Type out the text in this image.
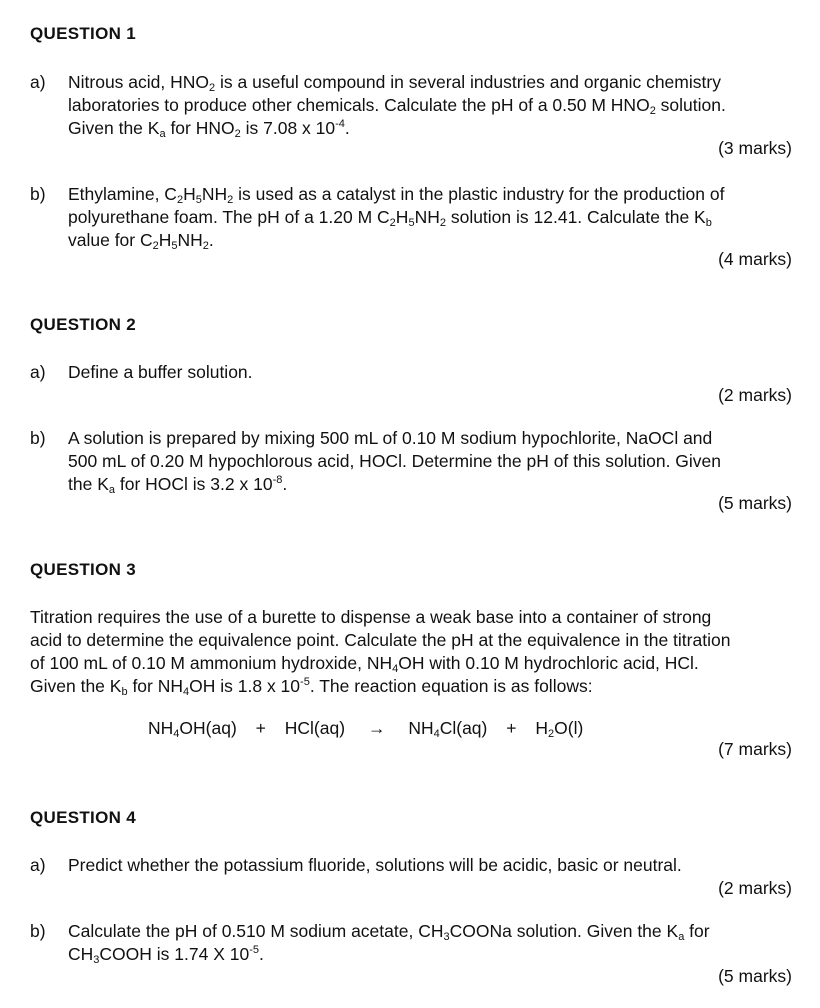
QUESTION 1
a) Nitrous acid, $HNO_2$ is a useful compound in several industries and organic chemistry
laboratories to produce other chemicals. Calculate the pH of a 0.50 M $HNO_2$ solution.
Given the $K_a$ for $HNO_2$ is 7.08 x $10^{-4}$.
(3 marks)
b) Ethylamine, $C_2H_5NH_2$ is used as a catalyst in the plastic industry for the production of
polyurethane foam. The pH of a 1.20 M $C_2H_5NH_2$ solution is 12.41. Calculate the $K_b$
value for $C_2H_5NH_2$.
(4 marks)
QUESTION 2
a) Define a buffer solution.
(2 marks)
b) A solution is prepared by mixing 500 mL of 0.10 M sodium hypochlorite, NaOCl and
500 mL of 0.20 M hypochlorous acid, HOCl. Determine the pH of this solution. Given
the $K_a$ for HOCl is 3.2 x $10^{-8}$.
(5 marks)
QUESTION 3
Titration requires the use of a burette to dispense a weak base into a container of strong
acid to determine the equivalence point. Calculate the pH at the equivalence in the titration
of 100 mL of 0.10 M ammonium hydroxide, $NH_4OH$ with 0.10 M hydrochloric acid, HCl.
Given the $K_b$ for $NH_4OH$ is 1.8 x $10^{-5}$. The reaction equation is as follows:
$NH_4OH(aq) + HCl(aq) \to NH_4Cl(aq) + H_2O(l)$
(7 marks)
QUESTION 4
a) Predict whether the potassium fluoride, solutions will be acidic, basic or neutral.
(2 marks)
b) Calculate the pH of 0.510 M sodium acetate, $CH_3COONa$ solution. Given the $K_a$ for
$CH_3COOH$ is 1.74 X $10^{-5}$.
(5 marks)
